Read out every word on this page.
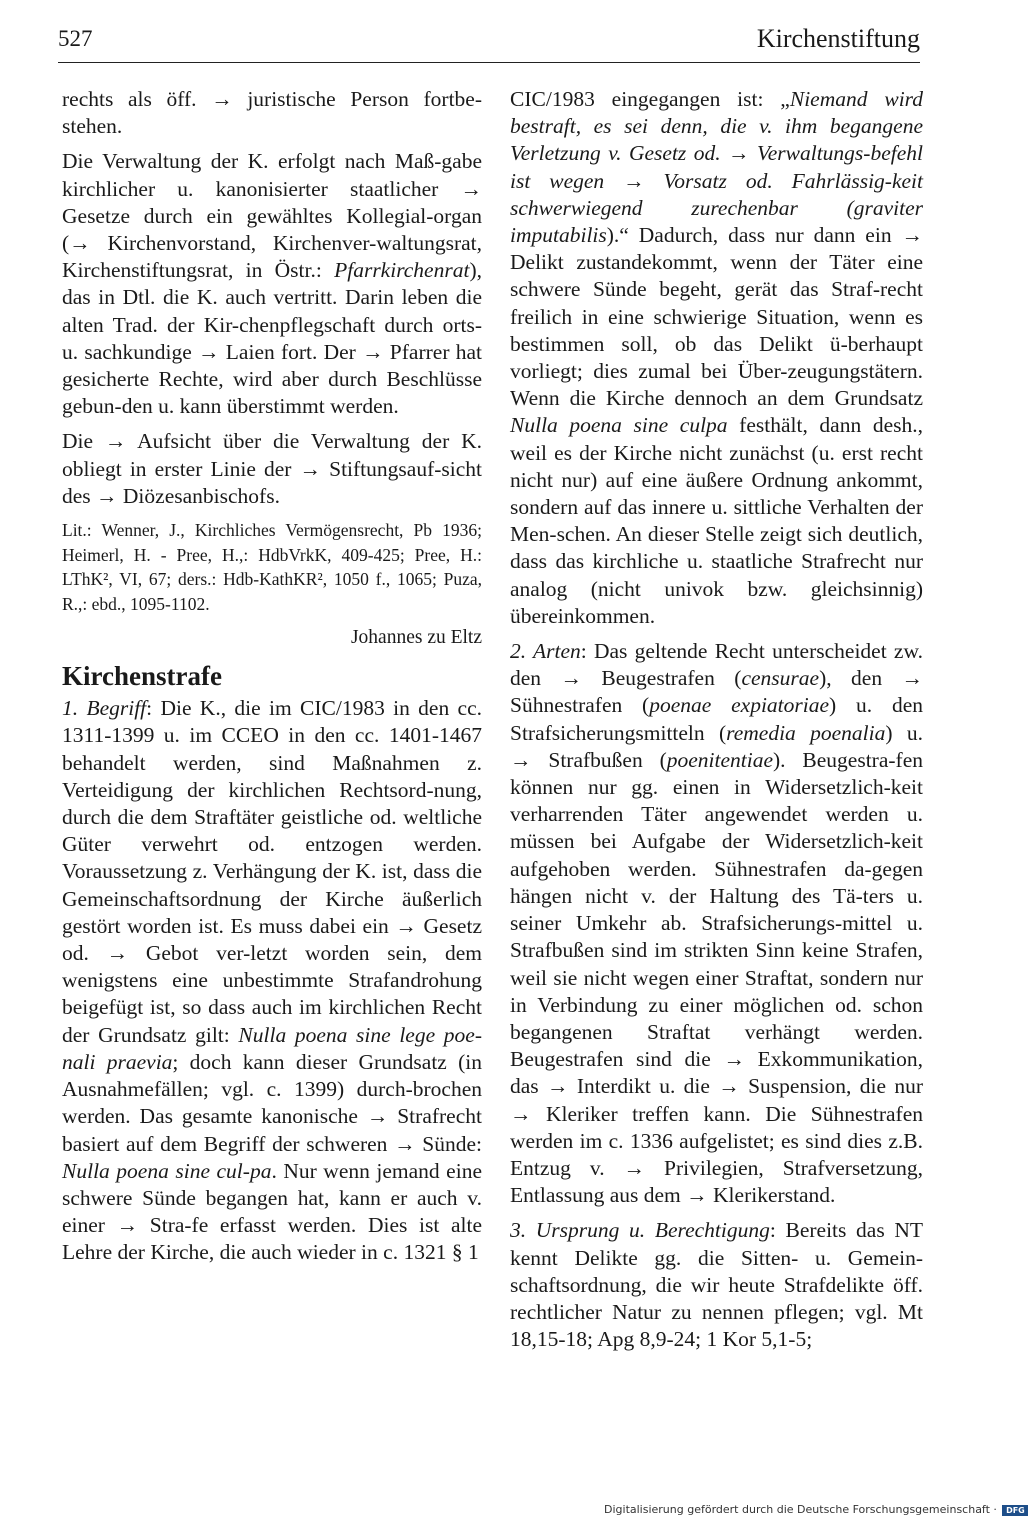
527	Kirchenstiftung

rechts als öff. → juristische Person fortbe-stehen.

Die Verwaltung der K. erfolgt nach Maß-gabe kirchlicher u. kanonisierter staatlicher → Gesetze durch ein gewähltes Kollegial-organ (→ Kirchenvorstand, Kirchenver-waltungsrat, Kirchenstiftungsrat, in Östr.: Pfarrkirchenrat), das in Dtl. die K. auch vertritt. Darin leben die alten Trad. der Kir-chenpflegschaft durch orts- u. sachkundige → Laien fort. Der → Pfarrer hat gesicherte Rechte, wird aber durch Beschlüsse gebun-den u. kann überstimmt werden.

Die → Aufsicht über die Verwaltung der K. obliegt in erster Linie der → Stiftungsauf-sicht des → Diözesanbischofs.

Lit.: Wenner, J., Kirchliches Vermögensrecht, Pb 1936; Heimerl, H. - Pree, H.,: HdbVrkK, 409-425; Pree, H.: LThK², VI, 67; ders.: Hdb-KathKR², 1050 f., 1065; Puza, R.,: ebd., 1095-1102.

Johannes zu Eltz

Kirchenstrafe

1. Begriff: Die K., die im CIC/1983 in den cc. 1311-1399 u. im CCEO in den cc. 1401-1467 behandelt werden, sind Maßnahmen z. Verteidigung der kirchlichen Rechtsord-nung, durch die dem Straftäter geistliche od. weltliche Güter verwehrt od. entzogen werden. Voraussetzung z. Verhängung der K. ist, dass die Gemeinschaftsordnung der Kirche äußerlich gestört worden ist. Es muss dabei ein → Gesetz od. → Gebot ver-letzt worden sein, dem wenigstens eine unbestimmte Strafandrohung beigefügt ist, so dass auch im kirchlichen Recht der Grundsatz gilt: Nulla poena sine lege poe-nali praevia; doch kann dieser Grundsatz (in Ausnahmefällen; vgl. c. 1399) durch-brochen werden. Das gesamte kanonische → Strafrecht basiert auf dem Begriff der schweren → Sünde: Nulla poena sine cul-pa. Nur wenn jemand eine schwere Sünde begangen hat, kann er auch v. einer → Stra-fe erfasst werden. Dies ist alte Lehre der Kirche, die auch wieder in c. 1321 § 1

CIC/1983 eingegangen ist: „Niemand wird bestraft, es sei denn, die v. ihm begangene Verletzung v. Gesetz od. → Verwaltungs-befehl ist wegen → Vorsatz od. Fahrlässig-keit schwerwiegend zurechenbar (graviter imputabilis).“ Dadurch, dass nur dann ein → Delikt zustandekommt, wenn der Täter eine schwere Sünde begeht, gerät das Straf-recht freilich in eine schwierige Situation, wenn es bestimmen soll, ob das Delikt ü-berhaupt vorliegt; dies zumal bei Über-zeugungstätern. Wenn die Kirche dennoch an dem Grundsatz Nulla poena sine culpa festhält, dann desh., weil es der Kirche nicht zunächst (u. erst recht nicht nur) auf eine äußere Ordnung ankommt, sondern auf das innere u. sittliche Verhalten der Men-schen. An dieser Stelle zeigt sich deutlich, dass das kirchliche u. staatliche Strafrecht nur analog (nicht univok bzw. gleichsinnig) übereinkommen.

2. Arten: Das geltende Recht unterscheidet zw. den → Beugestrafen (censurae), den → Sühnestrafen (poenae expiatoriae) u. den Strafsicherungsmitteln (remedia poenalia) u. → Strafbußen (poenitentiae). Beugestra-fen können nur gg. einen in Widersetzlich-keit verharrenden Täter angewendet werden u. müssen bei Aufgabe der Widersetzlich-keit aufgehoben werden. Sühnestrafen da-gegen hängen nicht v. der Haltung des Tä-ters u. seiner Umkehr ab. Strafsicherungs-mittel u. Strafbußen sind im strikten Sinn keine Strafen, weil sie nicht wegen einer Straftat, sondern nur in Verbindung zu einer möglichen od. schon begangenen Straftat verhängt werden. Beugestrafen sind die → Exkommunikation, das → Interdikt u. die → Suspension, die nur → Kleriker treffen kann. Die Sühnestrafen werden im c. 1336 aufgelistet; es sind dies z.B. Entzug v. → Privilegien, Strafversetzung, Entlassung aus dem → Klerikerstand.

3. Ursprung u. Berechtigung: Bereits das NT kennt Delikte gg. die Sitten- u. Gemein-schaftsordnung, die wir heute Strafdelikte öff. rechtlicher Natur zu nennen pflegen; vgl. Mt 18,15-18; Apg 8,9-24; 1 Kor 5,1-5;

Digitalisierung gefördert durch die Deutsche Forschungsgemeinschaft · DFG
